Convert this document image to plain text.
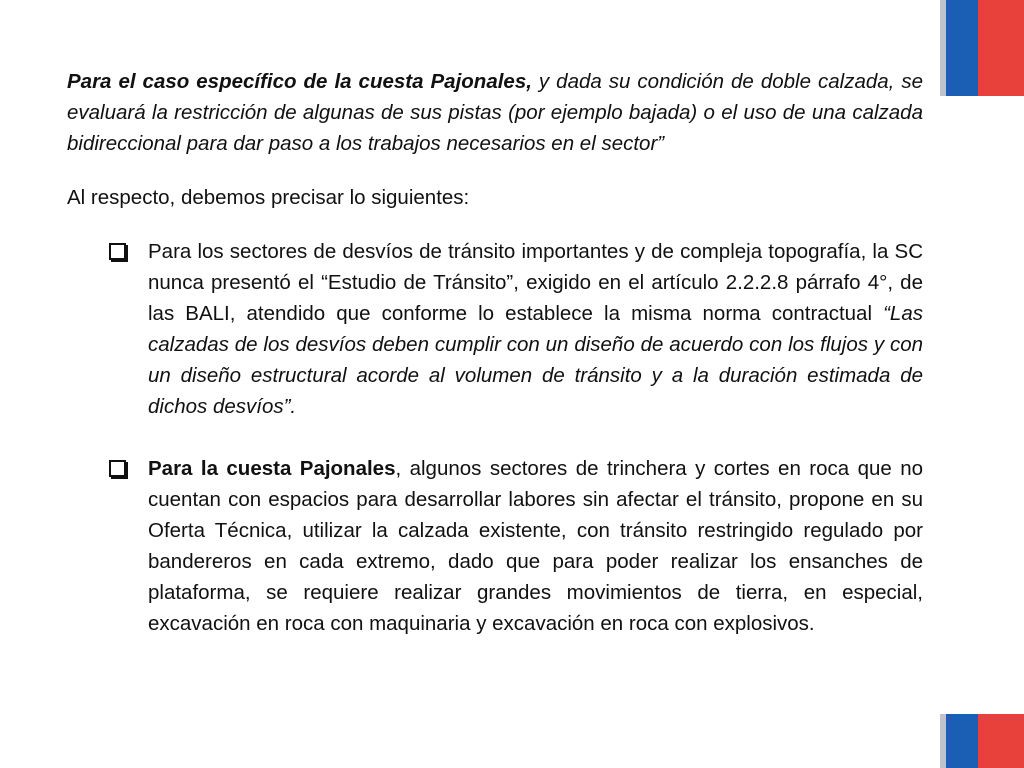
Para el caso específico de la cuesta Pajonales, y dada su condición de doble calzada, se evaluará la restricción de algunas de sus pistas (por ejemplo bajada) o el uso de una calzada bidireccional para dar paso a los trabajos necesarios en el sector”

Al respecto, debemos precisar lo siguientes:

Para los sectores de desvíos de tránsito importantes y de compleja topografía, la SC nunca presentó el “Estudio de Tránsito”, exigido en el artículo 2.2.2.8 párrafo 4°, de las BALI, atendido que conforme lo establece la misma norma contractual “Las calzadas de los desvíos deben cumplir con un diseño de acuerdo con los flujos y con un diseño estructural acorde al volumen de tránsito y a la duración estimada de dichos desvíos”.
Para la cuesta Pajonales, algunos sectores de trinchera y cortes en roca que no cuentan con espacios para desarrollar labores sin afectar el tránsito, propone en su Oferta Técnica, utilizar la calzada existente, con tránsito restringido regulado por bandereros en cada extremo, dado que para poder realizar los ensanches de plataforma, se requiere realizar grandes movimientos de tierra, en especial, excavación en roca con maquinaria y excavación en roca con explosivos.
